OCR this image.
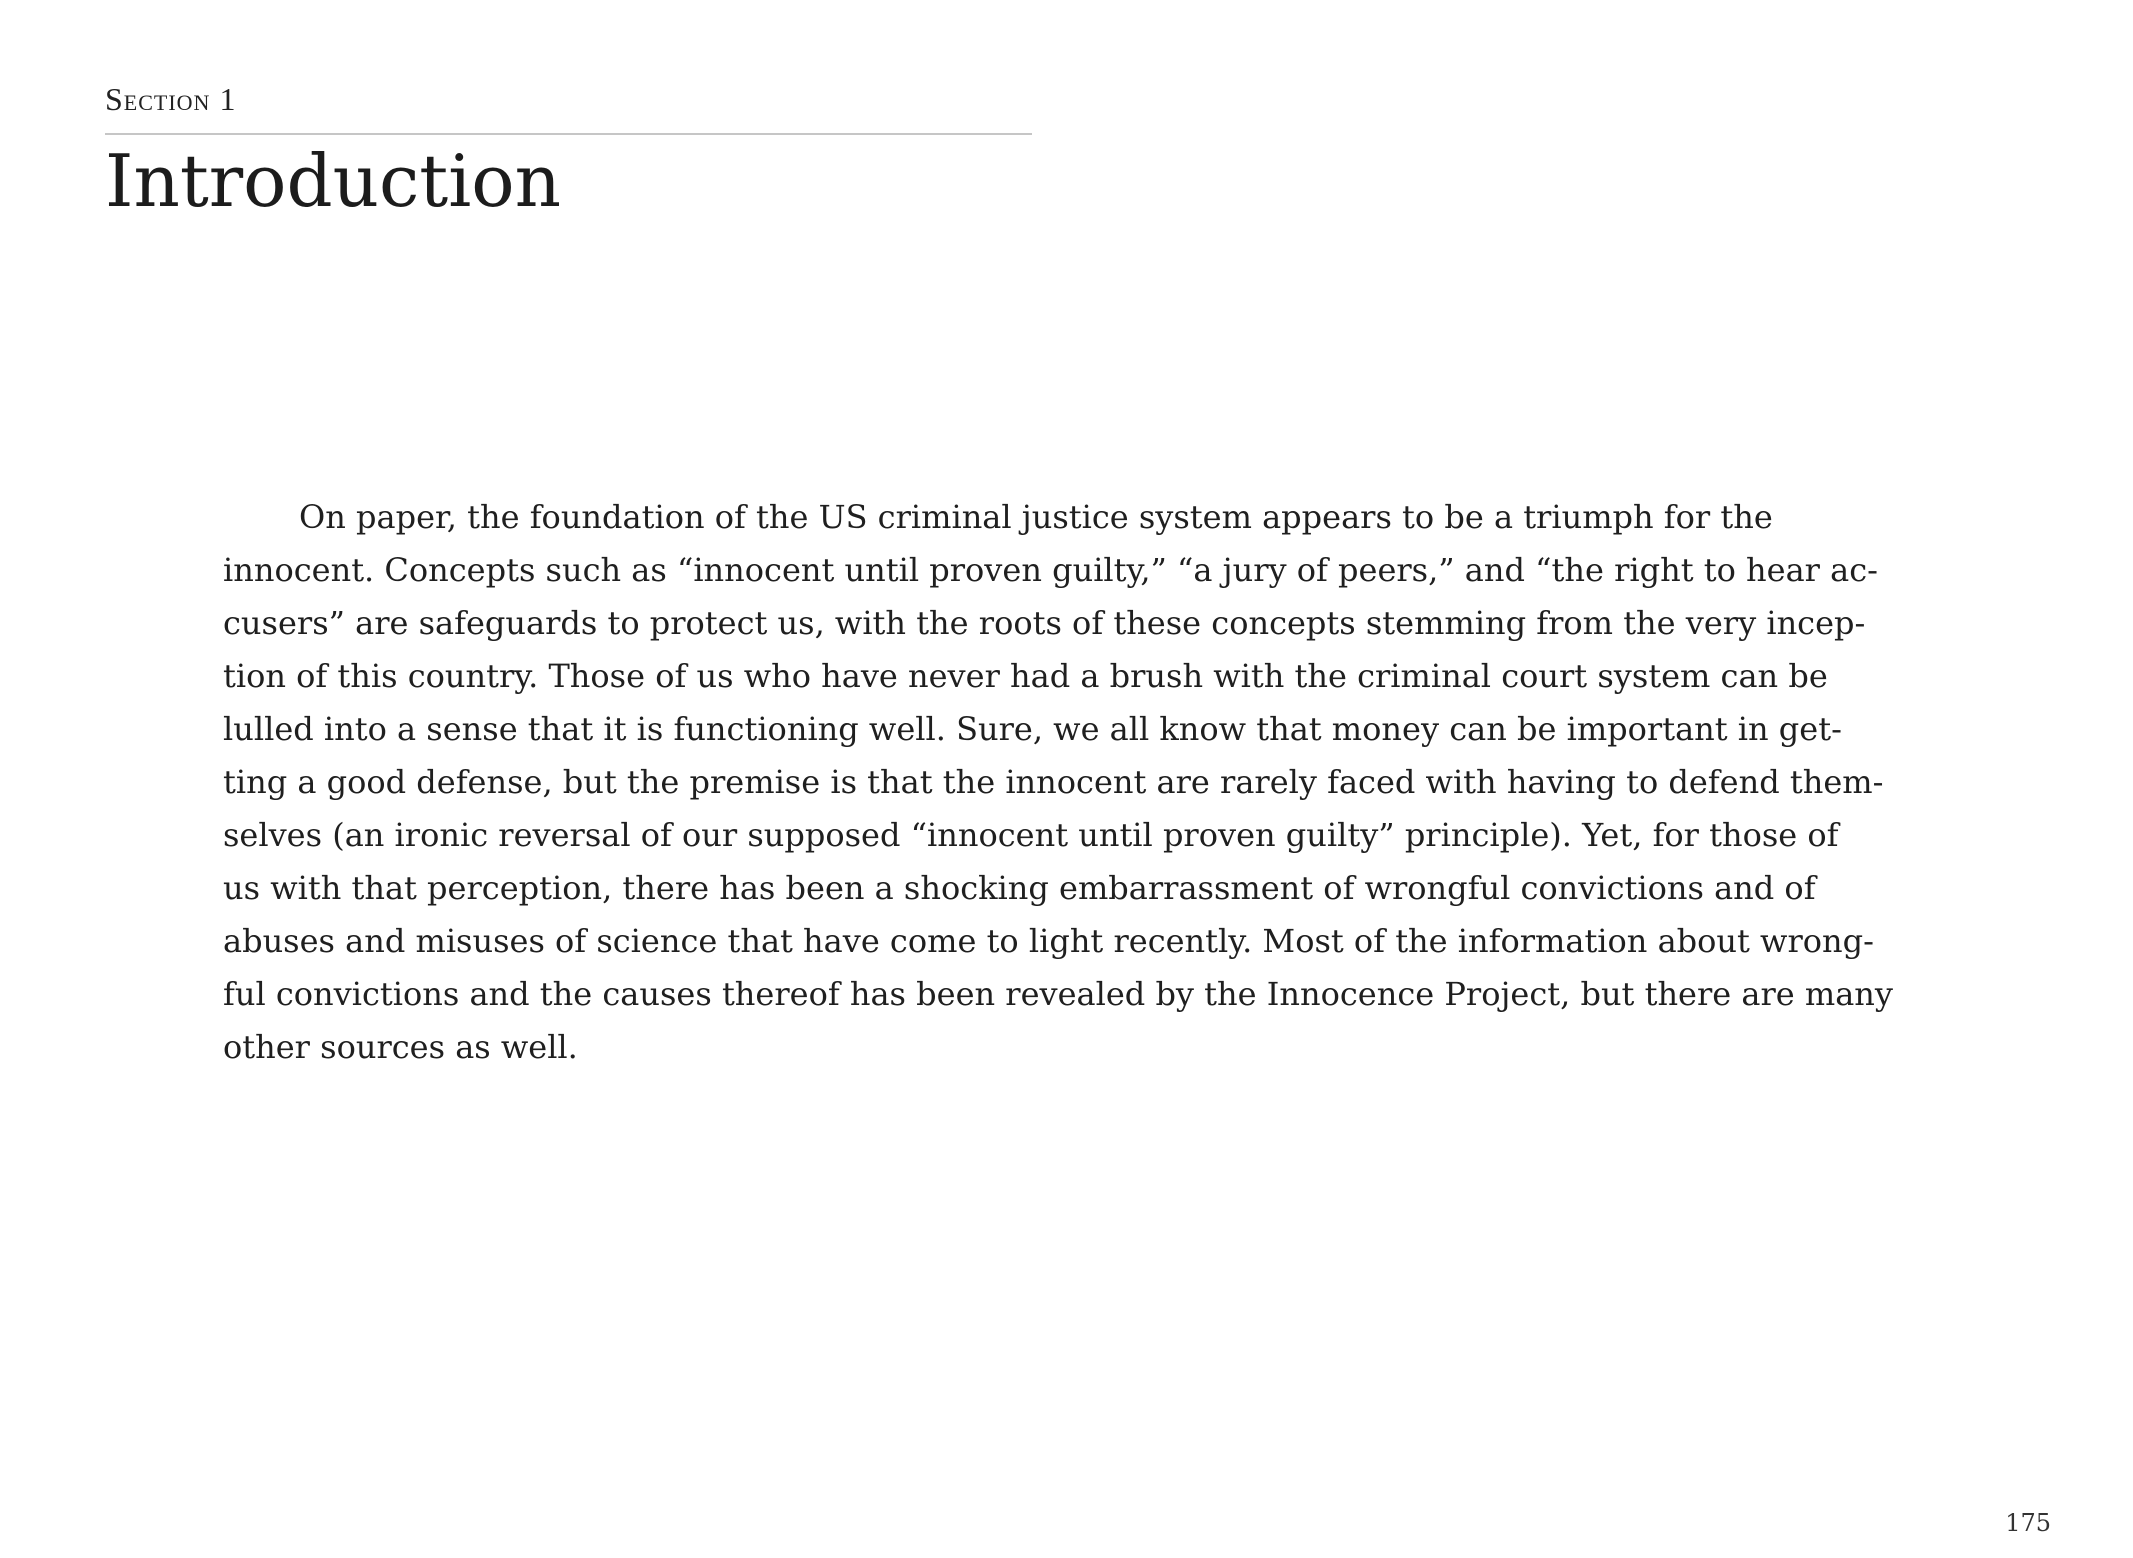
Section 1
Introduction

On paper, the foundation of the US criminal justice system appears to be a triumph for the
innocent. Concepts such as “innocent until proven guilty,” “a jury of peers,” and “the right to hear ac-
cusers” are safeguards to protect us, with the roots of these concepts stemming from the very incep-
tion of this country. Those of us who have never had a brush with the criminal court system can be
lulled into a sense that it is functioning well. Sure, we all know that money can be important in get-
ting a good defense, but the premise is that the innocent are rarely faced with having to defend them-
selves (an ironic reversal of our supposed “innocent until proven guilty” principle). Yet, for those of
us with that perception, there has been a shocking embarrassment of wrongful convictions and of
abuses and misuses of science that have come to light recently. Most of the information about wrong-
ful convictions and the causes thereof has been revealed by the Innocence Project, but there are many
other sources as well.

175
